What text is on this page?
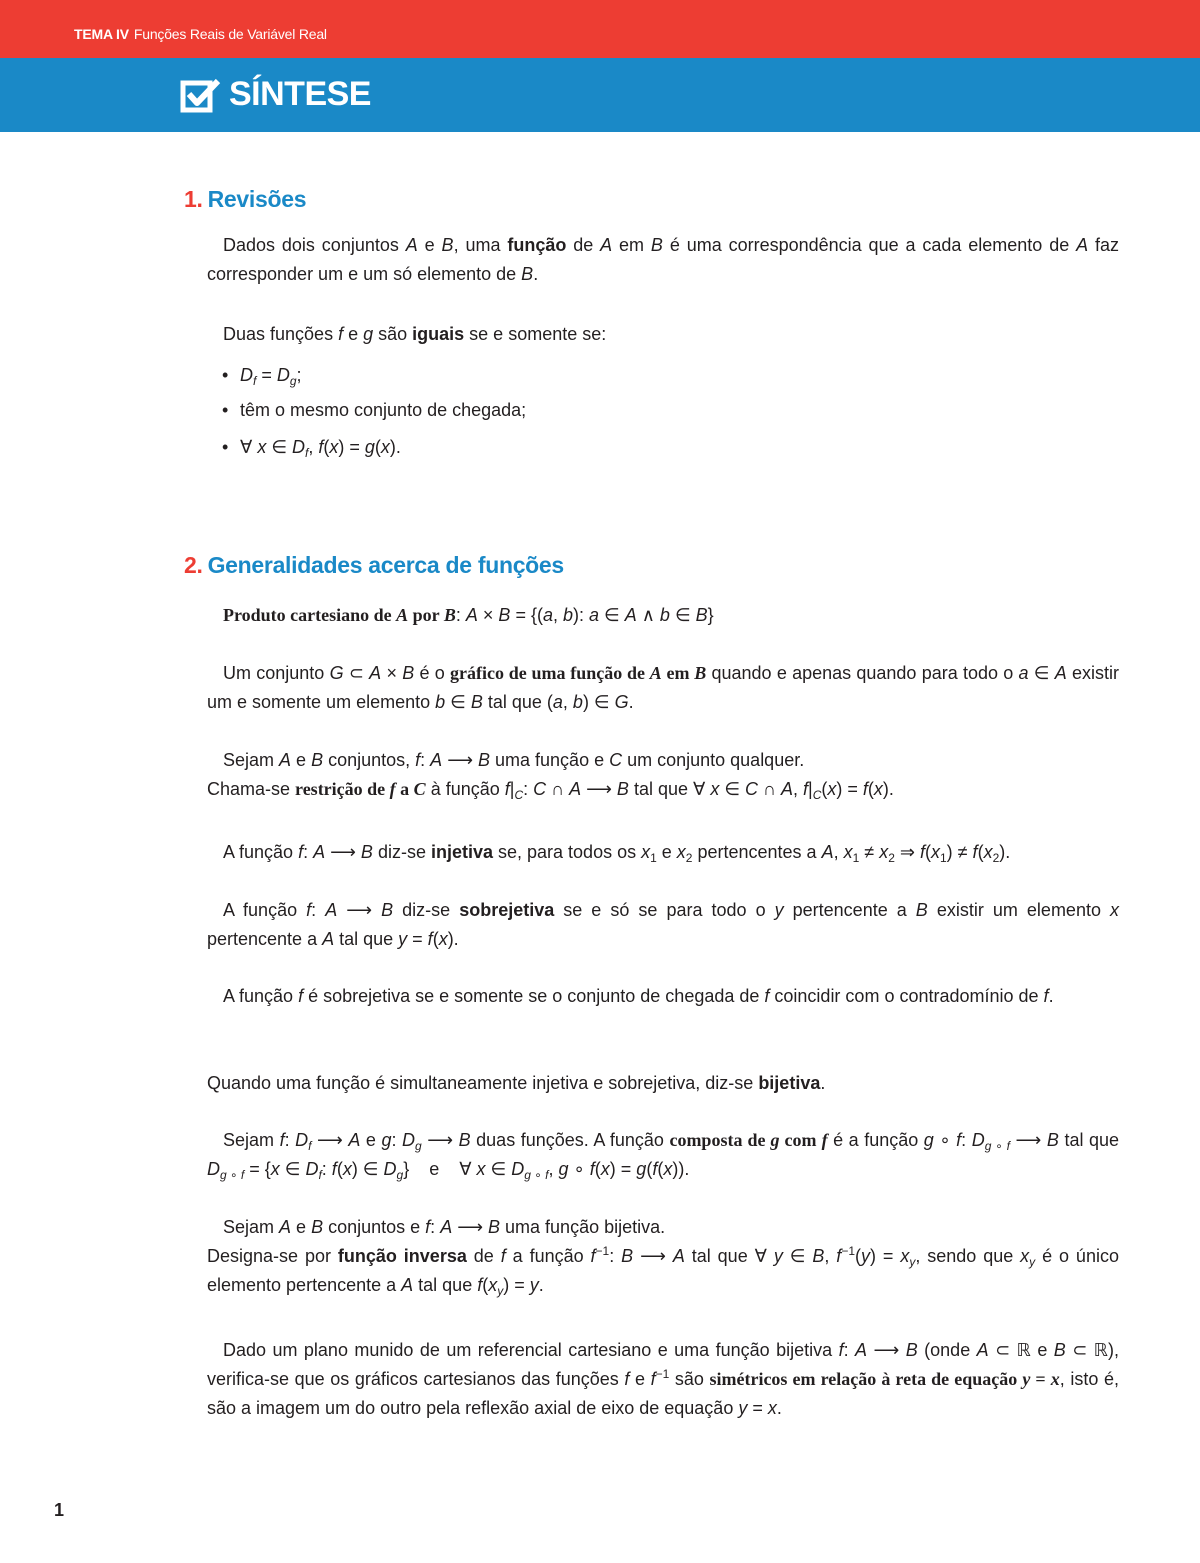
TEMA IV Funções Reais de Variável Real
SÍNTESE
1. Revisões
Dados dois conjuntos A e B, uma função de A em B é uma correspondência que a cada elemento de A faz corresponder um e um só elemento de B.
Duas funções f e g são iguais se e somente se:
• $D_f = D_g$;
• têm o mesmo conjunto de chegada;
• ∀ x ∈ $D_f$, f(x) = g(x).
2. Generalidades acerca de funções
Produto cartesiano de A por B: A × B = {(a, b): a ∈ A ∧ b ∈ B}
Um conjunto G ⊂ A × B é o gráfico de uma função de A em B quando e apenas quando para todo o a ∈ A existir um e somente um elemento b ∈ B tal que (a, b) ∈ G.
Sejam A e B conjuntos, f: A ⟶ B uma função e C um conjunto qualquer.
Chama-se restrição de f a C à função $f|_C$: C ∩ A ⟶ B tal que ∀ x ∈ C ∩ A, $f|_C(x) = f(x)$.
A função f: A ⟶ B diz-se injetiva se, para todos os $x_1$ e $x_2$ pertencentes a A, $x_1 \ne x_2$ ⇒ $f(x_1) \ne f(x_2)$.
A função f: A ⟶ B diz-se sobrejetiva se e só se para todo o y pertencente a B existir um elemento x pertencente a A tal que y = f(x).
A função f é sobrejetiva se e somente se o conjunto de chegada de f coincidir com o contradomínio de f.
Quando uma função é simultaneamente injetiva e sobrejetiva, diz-se bijetiva.
Sejam f: $D_f$ ⟶ A e g: $D_g$ ⟶ B duas funções. A função composta de g com f é a função g ∘ f: $D_{g \circ f}$ ⟶ B tal que $D_{g \circ f} = \{x$ ∈ $D_f$: f(x) ∈ $D_g$}    e    ∀ x ∈ $D_{g \circ f}$, g ∘ f(x) = g(f(x)).
Sejam A e B conjuntos e f: A ⟶ B uma função bijetiva.
Designa-se por função inversa de f a função $f^{-1}$: B ⟶ A tal que ∀ y ∈ B, $f^{-1}(y) = x_y$, sendo que $x_y$ é o único elemento pertencente a A tal que $f(x_y) = y$.
Dado um plano munido de um referencial cartesiano e uma função bijetiva f: A ⟶ B (onde A ⊂ ℝ e B ⊂ ℝ), verifica-se que os gráficos cartesianos das funções f e $f^{-1}$ são simétricos em relação à reta de equação y = x, isto é, são a imagem um do outro pela reflexão axial de eixo de equação y = x.
1
